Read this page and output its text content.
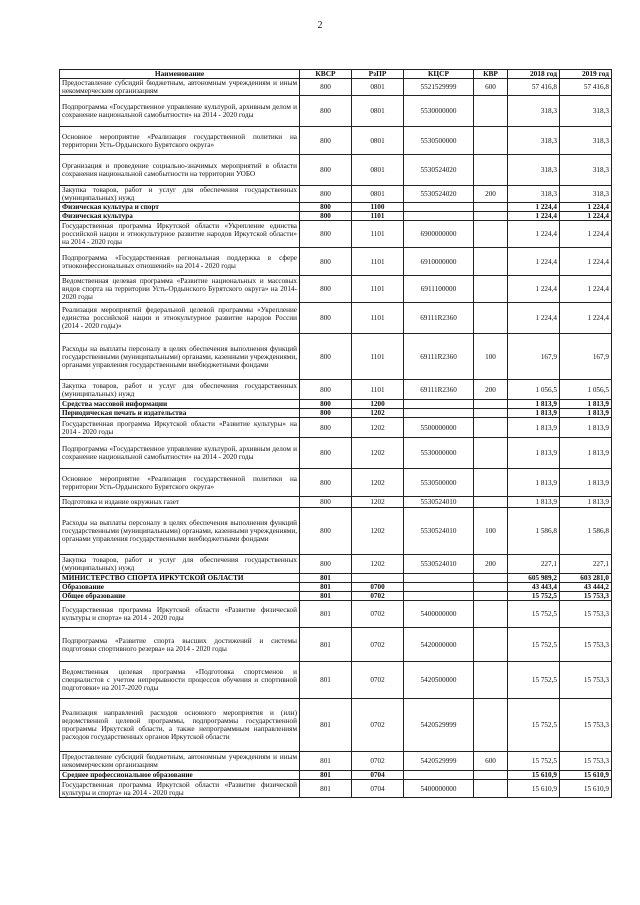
2
Наименование	КВСР	РзПР	КЦСР	КВР	2018 год	2019 год
Предоставление субсидий бюджетным, автономным учреждениям и иным некоммерческим организациям	800	0801	5521529999	600	57 416,8	57 416,8
Подпрограмма «Государственное управление культурой, архивным делом и сохранение национальной самобытности» на 2014 - 2020 годы	800	0801	5530000000		318,3	318,3
Основное мероприятие «Реализация государственной политики на территории Усть-Ордынского Бурятского округа»	800	0801	5530500000		318,3	318,3
Организация и проведение социально-значимых мероприятий в области сохранения национальной самобытности на территории УОБО	800	0801	5530524020		318,3	318,3
Закупка товаров, работ и услуг для обеспечения государственных (муниципальных) нужд	800	0801	5530524020	200	318,3	318,3
Физическая культура и спорт	800	1100			1 224,4	1 224,4
Физическая культура	800	1101			1 224,4	1 224,4
Государственная программа Иркутской области «Укрепление единства российской нации и этнокультурное развитие народов Иркутской области» на 2014 - 2020 годы	800	1101	6900000000		1 224,4	1 224,4
Подпрограмма «Государственная региональная поддержка в сфере этноконфессиональных отношений» на 2014 - 2020 годы	800	1101	6910000000		1 224,4	1 224,4
Ведомственная целевая программа «Развитие национальных и массовых видов спорта на территории Усть-Ордынского Бурятского округа» на 2014-2020 годы	800	1101	6911100000		1 224,4	1 224,4
Реализация мероприятий федеральной целевой программы «Укрепление единства российской нации и этнокультурное развитие народов России (2014 - 2020 годы)»	800	1101	69111R2360		1 224,4	1 224,4
Расходы на выплаты персоналу в целях обеспечения выполнения функций государственными (муниципальными) органами, казенными учреждениями, органами управления государственными внебюджетными фондами	800	1101	69111R2360	100	167,9	167,9
Закупка товаров, работ и услуг для обеспечения государственных (муниципальных) нужд	800	1101	69111R2360	200	1 056,5	1 056,5
Средства массовой информации	800	1200			1 813,9	1 813,9
Периодическая печать и издательства	800	1202			1 813,9	1 813,9
Государственная программа Иркутской области «Развитие культуры» на 2014 - 2020 годы	800	1202	5500000000		1 813,9	1 813,9
Подпрограмма «Государственное управление культурой, архивным делом и сохранение национальной самобытности» на 2014 - 2020 годы	800	1202	5530000000		1 813,9	1 813,9
Основное мероприятие «Реализация государственной политики на территории Усть-Ордынского Бурятского округа»	800	1202	5530500000		1 813,9	1 813,9
Подготовка и издание окружных газет	800	1202	5530524010		1 813,9	1 813,9
Расходы на выплаты персоналу в целях обеспечения выполнения функций государственными (муниципальными) органами, казенными учреждениями, органами управления государственными внебюджетными фондами	800	1202	5530524010	100	1 586,8	1 586,8
Закупка товаров, работ и услуг для обеспечения государственных (муниципальных) нужд	800	1202	5530524010	200	227,1	227,1
МИНИСТЕРСТВО СПОРТА ИРКУТСКОЙ ОБЛАСТИ	801				605 989,2	603 281,0
Образование	801	0700			43 443,4	43 444,2
Общее образование	801	0702			15 752,5	15 753,3
Государственная программа Иркутской области «Развитие физической культуры и спорта» на 2014 - 2020 годы	801	0702	5400000000		15 752,5	15 753,3
Подпрограмма «Развитие спорта высших достижений и системы подготовки спортивного резерва» на 2014 - 2020 годы	801	0702	5420000000		15 752,5	15 753,3
Ведомственная целевая программа «Подготовка спортсменов и специалистов с учетом непрерывности процессов обучения и спортивной подготовки» на 2017-2020 годы	801	0702	5420500000		15 752,5	15 753,3
Реализация направлений расходов основного мероприятия и (или) ведомственной целевой программы, подпрограммы государственной программы Иркутской области, а также непрограммным направлениям расходов государственных органов Иркутской области	801	0702	5420529999		15 752,5	15 753,3
Предоставление субсидий бюджетным, автономным учреждениям и иным некоммерческим организациям	801	0702	5420529999	600	15 752,5	15 753,3
Среднее профессиональное образование	801	0704			15 610,9	15 610,9
Государственная программа Иркутской области «Развитие физической культуры и спорта» на 2014 - 2020 годы	801	0704	5400000000		15 610,9	15 610,9
